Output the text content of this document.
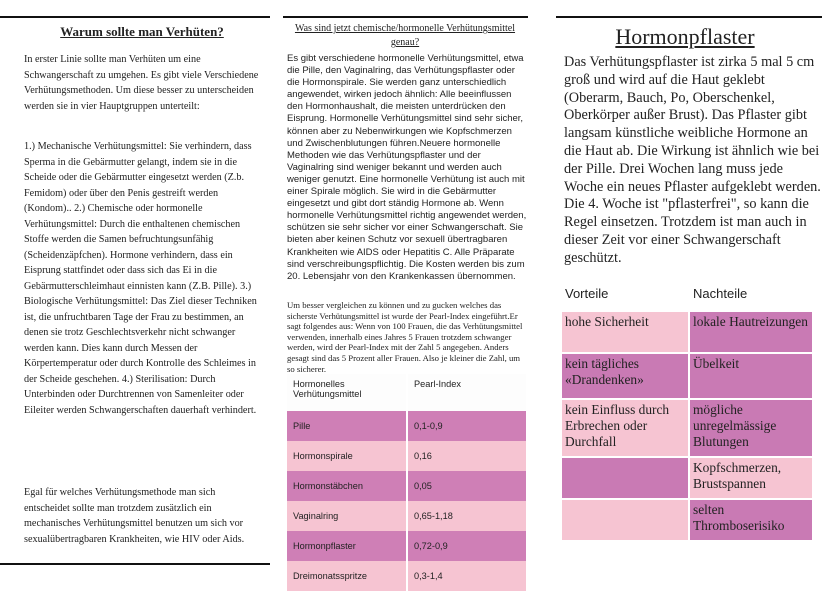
Warum sollte man Verhüten?
In erster Linie sollte man Verhüten um eine Schwangerschaft zu umgehen. Es gibt viele Verschiedene Verhütungsmethoden. Um diese besser zu unterscheiden werden sie in vier Hauptgruppen unterteilt:
1.) Mechanische Verhütungsmittel: Sie verhindern, dass Sperma in die Gebärmutter gelangt, indem sie in die Scheide oder die Gebärmutter eingesetzt werden (Z.b. Femidom) oder über den Penis gestreift werden (Kondom).. 2.) Chemische oder hormonelle Verhütungsmittel: Durch die enthaltenen chemischen Stoffe werden die Samen befruchtungsunfähig (Scheidenzäpfchen). Hormone verhindern, dass ein Eisprung stattfindet oder dass sich das Ei in die Gebärmutterschleimhaut einnisten kann (Z.B. Pille). 3.) Biologische Verhütungsmittel: Das Ziel dieser Techniken ist, die unfruchtbaren Tage der Frau zu bestimmen, an denen sie trotz Geschlechtsverkehr nicht schwanger werden kann. Dies kann durch Messen der Körpertemperatur oder durch Kontrolle des Schleimes in der Scheide geschehen. 4.) Sterilisation: Durch Unterbinden oder Durchtrennen von Samenleiter oder Eileiter werden Schwangerschaften dauerhaft verhindert.
Egal für welches Verhütungsmethode man sich entscheidet sollte man trotzdem zusätzlich ein mechanisches Verhütungsmittel benutzen um sich vor sexualübertragbaren Krankheiten, wie HIV oder Aids.
Was sind jetzt chemische/hormonelle Verhütungsmittel genau?
Es gibt verschiedene hormonelle Verhütungsmittel, etwa die Pille, den Vaginalring, das Verhütungspflaster oder die Hormonspirale. Sie werden ganz unterschiedlich angewendet, wirken jedoch ähnlich: Alle beeinflussen den Hormonhaushalt, die meisten unterdrücken den Eisprung. Hormonelle Verhütungsmittel sind sehr sicher, können aber zu Nebenwirkungen wie Kopfschmerzen und Zwischenblutungen führen.Neuere hormonelle Methoden wie das Verhütungspflaster und der Vaginalring sind weniger bekannt und werden auch weniger genutzt. Eine hormonelle Verhütung ist auch mit einer Spirale möglich. Sie wird in die Gebärmutter eingesetzt und gibt dort ständig Hormone ab. Wenn hormonelle Verhütungsmittel richtig angewendet werden, schützen sie sehr sicher vor einer Schwangerschaft. Sie bieten aber keinen Schutz vor sexuell übertragbaren Krankheiten wie AIDS oder Hepatitis C. Alle Präparate sind verschreibungspflichtig. Die Kosten werden bis zum 20. Lebensjahr von den Krankenkassen übernommen.
Um besser vergleichen zu können und zu gucken welches das sicherste Verhütungsmittel ist wurde der Pearl-Index eingeführt.Er sagt folgendes aus: Wenn von 100 Frauen, die das Verhütungsmittel verwenden, innerhalb eines Jahres 5 Frauen trotzdem schwanger werden, wird der Pearl-Index mit der Zahl 5 angegeben. Anders gesagt sind das 5 Prozent aller Frauen. Also je kleiner die Zahl, um so sicherer.
Hormonelles Verhütungsmittel	Pearl-Index
Pille	0,1-0,9
Hormonspirale	0,16
Hormonstäbchen	0,05
Vaginalring	0,65-1,18
Hormonpflaster	0,72-0,9
Dreimonatsspritze	0,3-1,4
Hormonpflaster
Das Verhütungspflaster ist zirka 5 mal 5 cm groß und wird auf die Haut geklebt (Oberarm, Bauch, Po, Oberschenkel, Oberkörper außer Brust). Das Pflaster gibt langsam künstliche weibliche Hormone an die Haut ab. Die Wirkung ist ähnlich wie bei der Pille. Drei Wochen lang muss jede Woche ein neues Pflaster aufgeklebt werden. Die 4. Woche ist "pflasterfrei", so kann die Regel einsetzen. Trotzdem ist man auch in dieser Zeit vor einer Schwangerschaft geschützt.
Vorteile	Nachteile
hohe Sicherheit	lokale Hautreizungen
kein tägliches «Drandenken»	Übelkeit
kein Einfluss durch Erbrechen oder Durchfall	mögliche unregelmässige Blutungen
	Kopfschmerzen, Brustspannen
	selten Thromboserisiko
